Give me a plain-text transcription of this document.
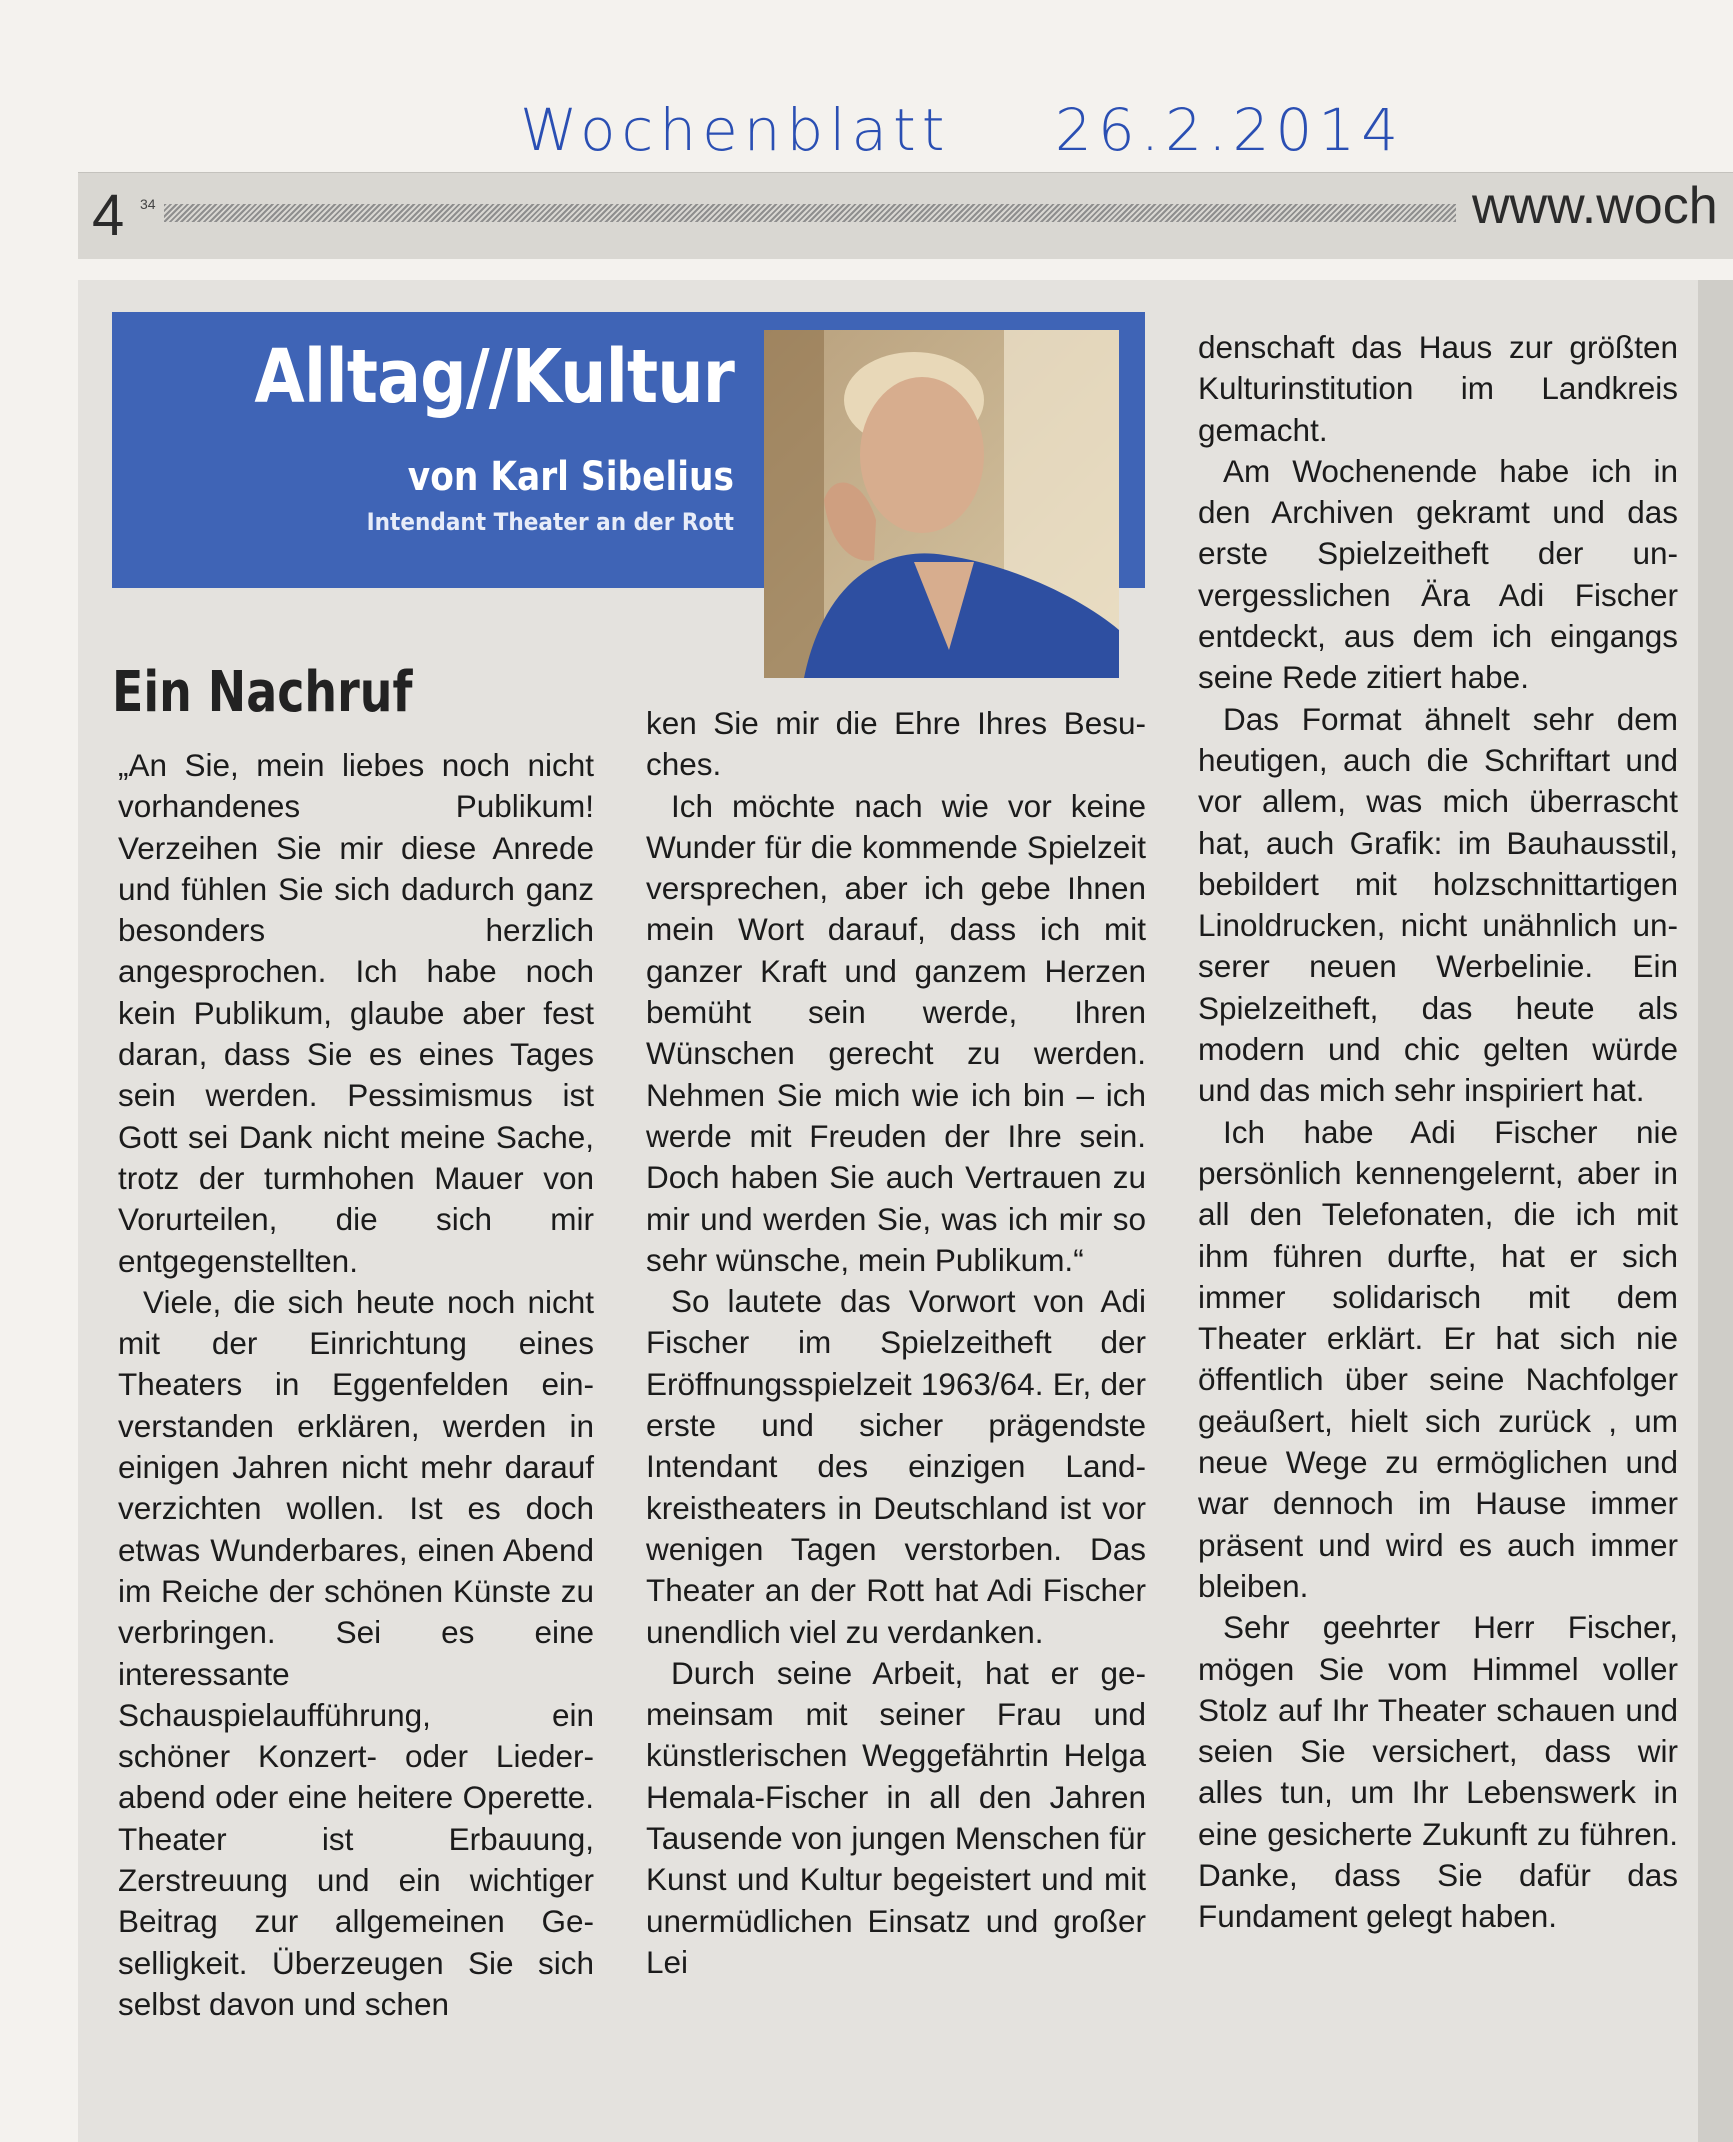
Wochenblatt 26.2.2014
4 34	www.woch
Alltag//Kultur
von Karl Sibelius
Intendant Theater an der Rott
Ein Nachruf

„An Sie, mein liebes noch nicht vorhandenes Publikum! Verzeihen Sie mir diese Anrede und fühlen Sie sich dadurch ganz besonders herzlich angesprochen. Ich habe noch kein Publikum, glaube aber fest daran, dass Sie es eines Tages sein werden. Pessimismus ist Gott sei Dank nicht meine Sache, trotz der turmhohen Mauer von Vorurteilen, die sich mir entgegenstellten.

Viele, die sich heute noch nicht mit der Einrichtung eines Theaters in Eggenfelden einverstanden erklären, werden in einigen Jahren nicht mehr darauf verzichten wollen. Ist es doch etwas Wunderbares, einen Abend im Reiche der schönen Künste zu verbringen. Sei es eine interessante Schauspielaufführung, ein schöner Konzert- oder Liederabend oder eine heitere Operette. Theater ist Erbauung, Zerstreuung und ein wichtiger Beitrag zur allgemeinen Geselligkeit. Überzeugen Sie sich selbst davon und schen

ken Sie mir die Ehre Ihres Besuches.

Ich möchte nach wie vor keine Wunder für die kommende Spielzeit versprechen, aber ich gebe Ihnen mein Wort darauf, dass ich mit ganzer Kraft und ganzem Herzen bemüht sein werde, Ihren Wünschen gerecht zu werden. Nehmen Sie mich wie ich bin – ich werde mit Freuden der Ihre sein. Doch haben Sie auch Vertrauen zu mir und werden Sie, was ich mir so sehr wünsche, mein Publikum.“

So lautete das Vorwort von Adi Fischer im Spielzeitheft der Eröffnungsspielzeit 1963/64. Er, der erste und sicher prägendste Intendant des einzigen Landkreistheaters in Deutschland ist vor wenigen Tagen verstorben. Das Theater an der Rott hat Adi Fischer unendlich viel zu verdanken.

Durch seine Arbeit, hat er gemeinsam mit seiner Frau und künstlerischen Weggefährtin Helga Hemala-Fischer in all den Jahren Tausende von jungen Menschen für Kunst und Kultur begeistert und mit unermüdlichen Einsatz und großer Lei

denschaft das Haus zur größten Kulturinstitution im Landkreis gemacht.

Am Wochenende habe ich in den Archiven gekramt und das erste Spielzeitheft der unvergesslichen Ära Adi Fischer entdeckt, aus dem ich eingangs seine Rede zitiert habe.

Das Format ähnelt sehr dem heutigen, auch die Schriftart und vor allem, was mich überrascht hat, auch Grafik: im Bauhausstil, bebildert mit holzschnittartigen Linoldrucken, nicht unähnlich unserer neuen Werbelinie. Ein Spielzeitheft, das heute als modern und chic gelten würde und das mich sehr inspiriert hat.

Ich habe Adi Fischer nie persönlich kennengelernt, aber in all den Telefonaten, die ich mit ihm führen durfte, hat er sich immer solidarisch mit dem Theater erklärt. Er hat sich nie öffentlich über seine Nachfolger geäußert, hielt sich zurück , um neue Wege zu ermöglichen und war dennoch im Hause immer präsent und wird es auch immer bleiben.

Sehr geehrter Herr Fischer, mögen Sie vom Himmel voller Stolz auf Ihr Theater schauen und seien Sie versichert, dass wir alles tun, um Ihr Lebenswerk in eine gesicherte Zukunft zu führen. Danke, dass Sie dafür das Fundament gelegt haben.
